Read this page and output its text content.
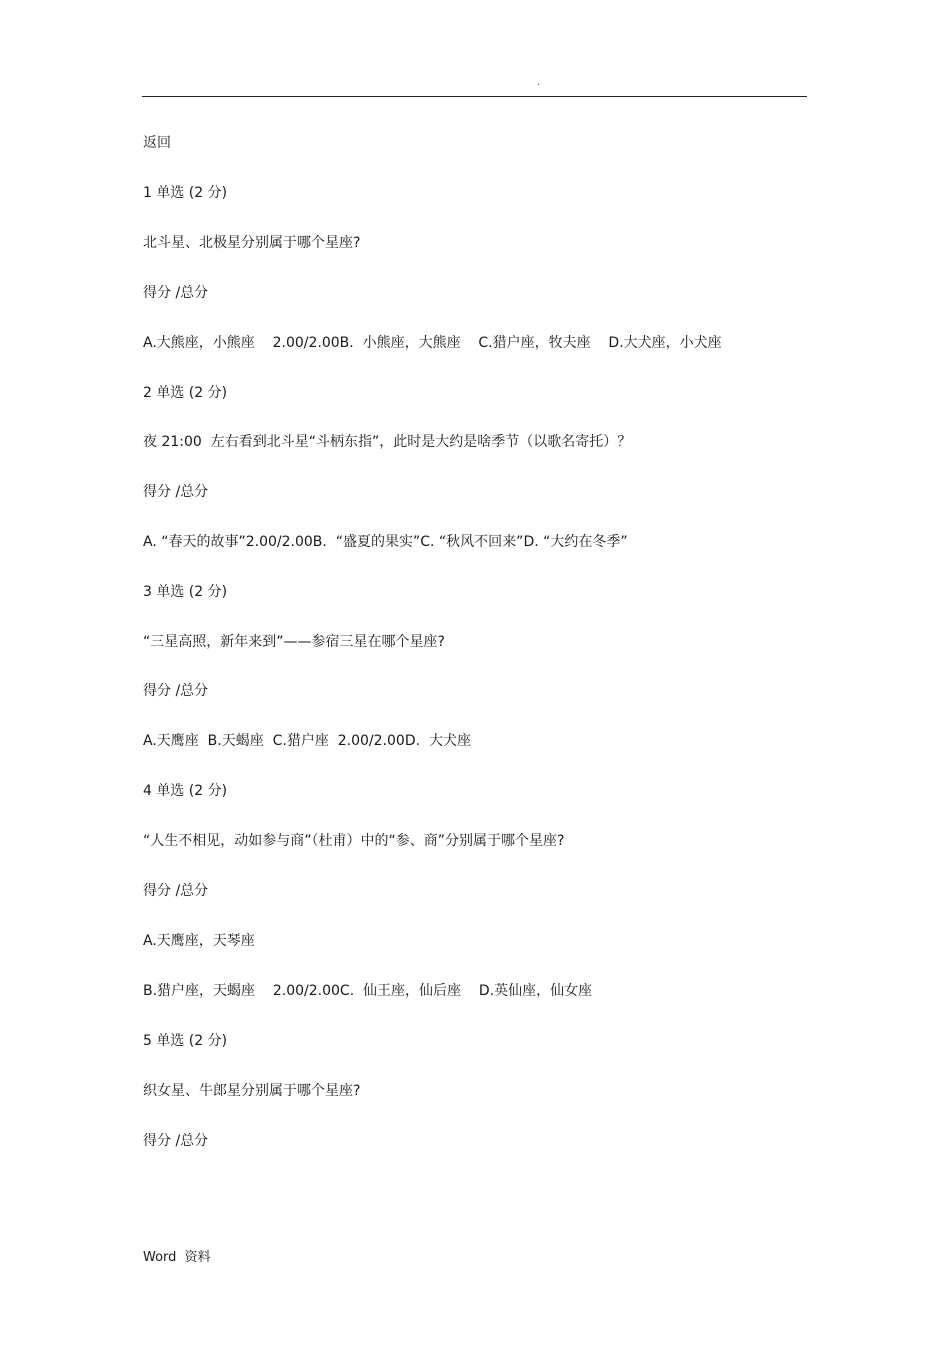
.
返回
1 单选 (2 分)
北斗星、北极星分别属于哪个星座?
得分 /总分
A.大熊座，小熊座    2.00/2.00B.  小熊座，大熊座    C.猎户座，牧夫座    D.大犬座，小犬座
2 单选 (2 分)
夜 21:00  左右看到北斗星“斗柄东指”，此时是大约是啥季节（以歌名寄托）？
得分 /总分
A. “春天的故事”2.00/2.00B.  “盛夏的果实”C. “秋风不回来”D. “大约在冬季”
3 单选 (2 分)
“三星高照，新年来到”——参宿三星在哪个星座?
得分 /总分
A.天鹰座  B.天蝎座  C.猎户座  2.00/2.00D.  大犬座
4 单选 (2 分)
“人生不相见，动如参与商”（杜甫）中的“参、商”分别属于哪个星座?
得分 /总分
A.天鹰座，天琴座
B.猎户座，天蝎座    2.00/2.00C.  仙王座，仙后座    D.英仙座，仙女座
5 单选 (2 分)
织女星、牛郎星分别属于哪个星座?
得分 /总分
Word  资料
